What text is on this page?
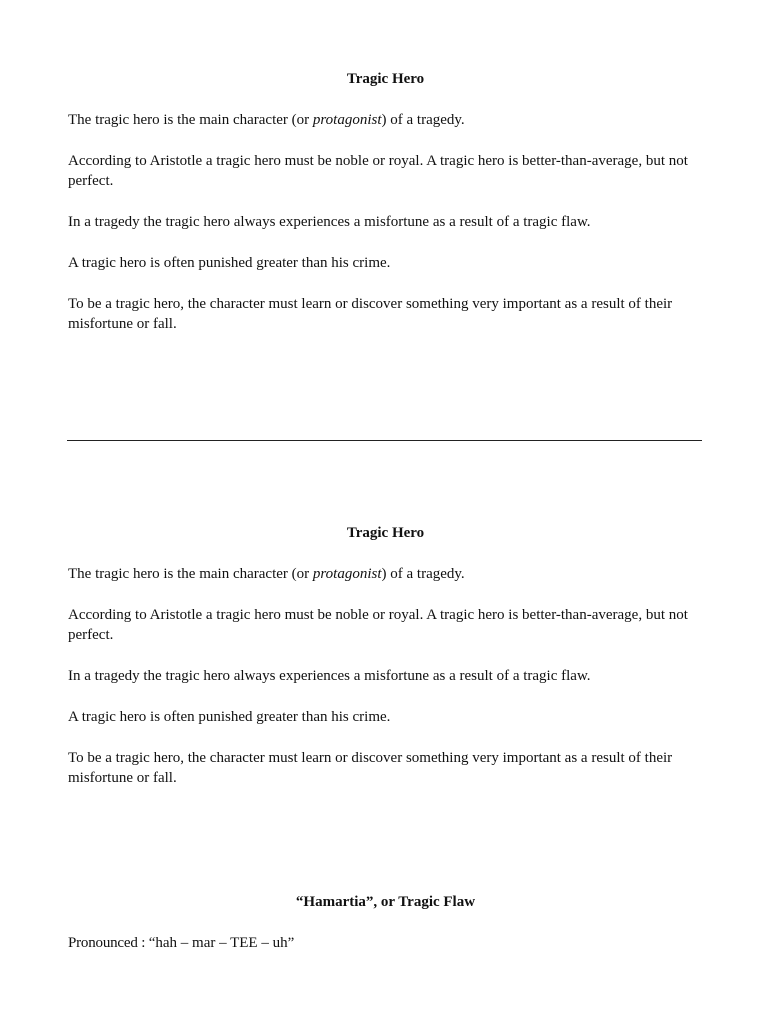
Tragic Hero

The tragic hero is the main character (or protagonist) of a tragedy.

According to Aristotle a tragic hero must be noble or royal. A tragic hero is better-than-average, but not perfect.

In a tragedy the tragic hero always experiences a misfortune as a result of a tragic flaw.

A tragic hero is often punished greater than his crime.

To be a tragic hero, the character must learn or discover something very important as a result of their misfortune or fall.

Tragic Hero

The tragic hero is the main character (or protagonist) of a tragedy.

According to Aristotle a tragic hero must be noble or royal. A tragic hero is better-than-average, but not perfect.

In a tragedy the tragic hero always experiences a misfortune as a result of a tragic flaw.

A tragic hero is often punished greater than his crime.

To be a tragic hero, the character must learn or discover something very important as a result of their misfortune or fall.

“Hamartia”, or Tragic Flaw

Pronounced : “hah – mar – TEE – uh”
